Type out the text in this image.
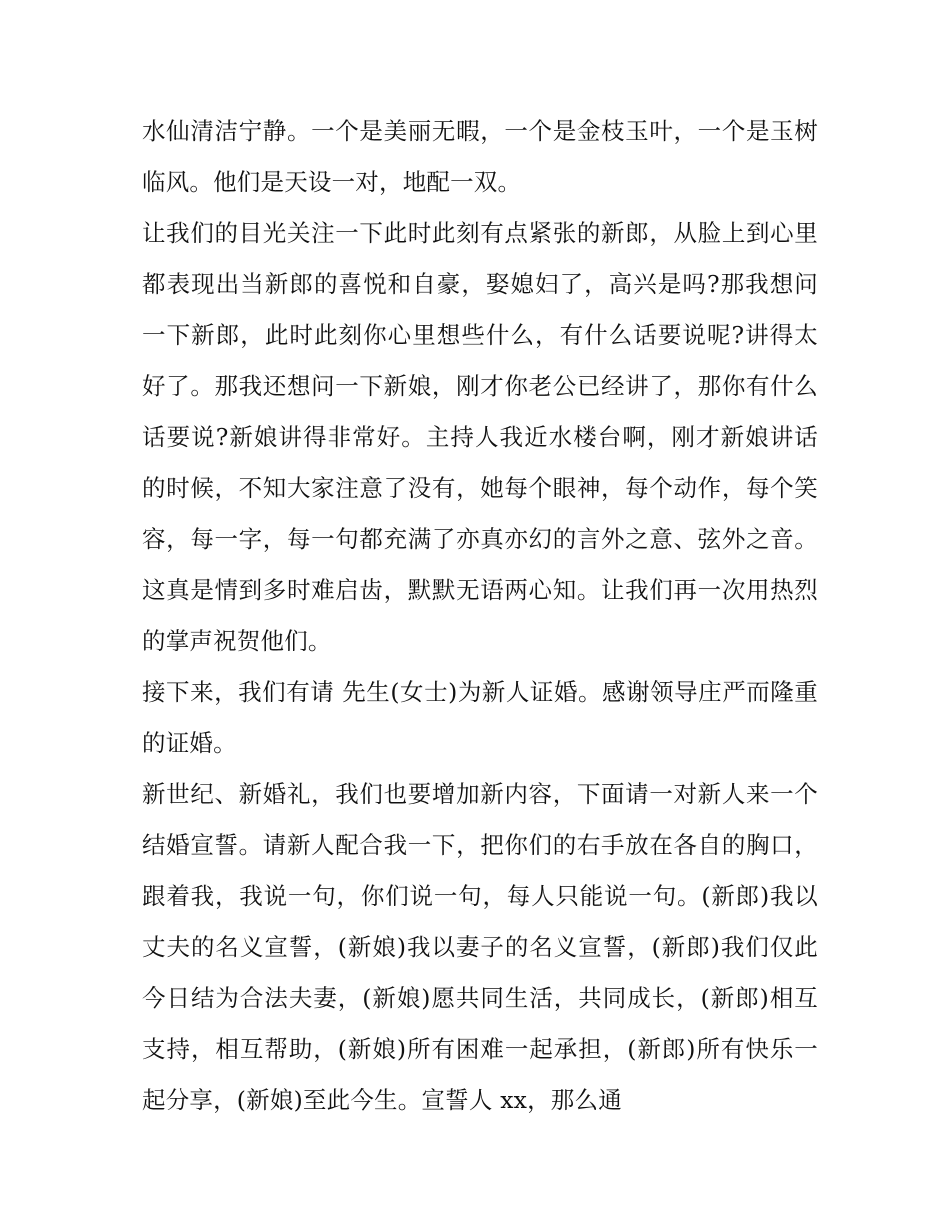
水仙清洁宁静。一个是美丽无暇，一个是金枝玉叶，一个是玉树临风。他们是天设一对，地配一双。

让我们的目光关注一下此时此刻有点紧张的新郎，从脸上到心里都表现出当新郎的喜悦和自豪，娶媳妇了，高兴是吗?那我想问一下新郎，此时此刻你心里想些什么，有什么话要说呢?讲得太好了。那我还想问一下新娘，刚才你老公已经讲了，那你有什么话要说?新娘讲得非常好。主持人我近水楼台啊，刚才新娘讲话的时候，不知大家注意了没有，她每个眼神，每个动作，每个笑容，每一字，每一句都充满了亦真亦幻的言外之意、弦外之音。这真是情到多时难启齿，默默无语两心知。让我们再一次用热烈的掌声祝贺他们。

接下来，我们有请 先生(女士)为新人证婚。感谢领导庄严而隆重的证婚。

新世纪、新婚礼，我们也要增加新内容，下面请一对新人来一个结婚宣誓。请新人配合我一下，把你们的右手放在各自的胸口，跟着我，我说一句，你们说一句，每人只能说一句。(新郎)我以丈夫的名义宣誓，(新娘)我以妻子的名义宣誓，(新郎)我们仅此今日结为合法夫妻，(新娘)愿共同生活，共同成长，(新郎)相互支持，相互帮助，(新娘)所有困难一起承担，(新郎)所有快乐一起分享，(新娘)至此今生。宣誓人 xx，那么通
